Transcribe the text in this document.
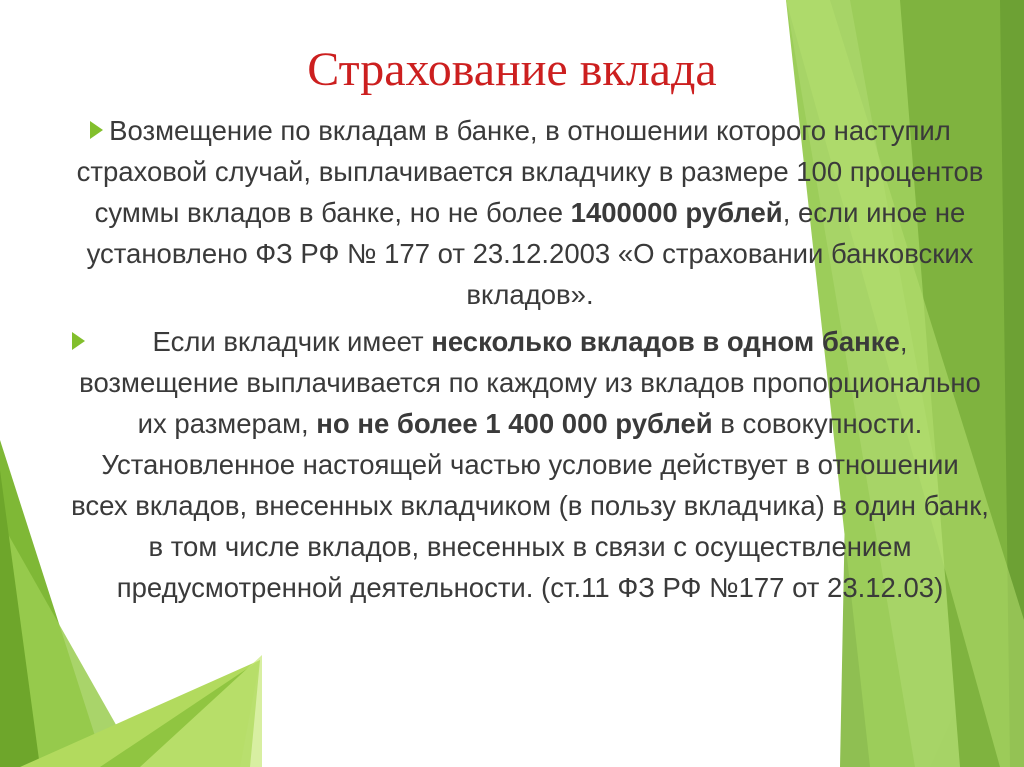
Страхование вклада
Возмещение по вкладам в банке, в отношении которого наступил страховой случай, выплачивается вкладчику в размере 100 процентов суммы вкладов в банке, но не более 1400000 рублей, если иное не установлено ФЗ РФ № 177 от 23.12.2003 «О страховании банковских вкладов».
Если вкладчик имеет несколько вкладов в одном банке, возмещение выплачивается по каждому из вкладов пропорционально их размерам, но не более 1 400 000 рублей в совокупности. Установленное настоящей частью условие действует в отношении всех вкладов, внесенных вкладчиком (в пользу вкладчика) в один банк, в том числе вкладов, внесенных в связи с осуществлением предусмотренной деятельности. (ст.11 ФЗ РФ №177 от 23.12.03)
